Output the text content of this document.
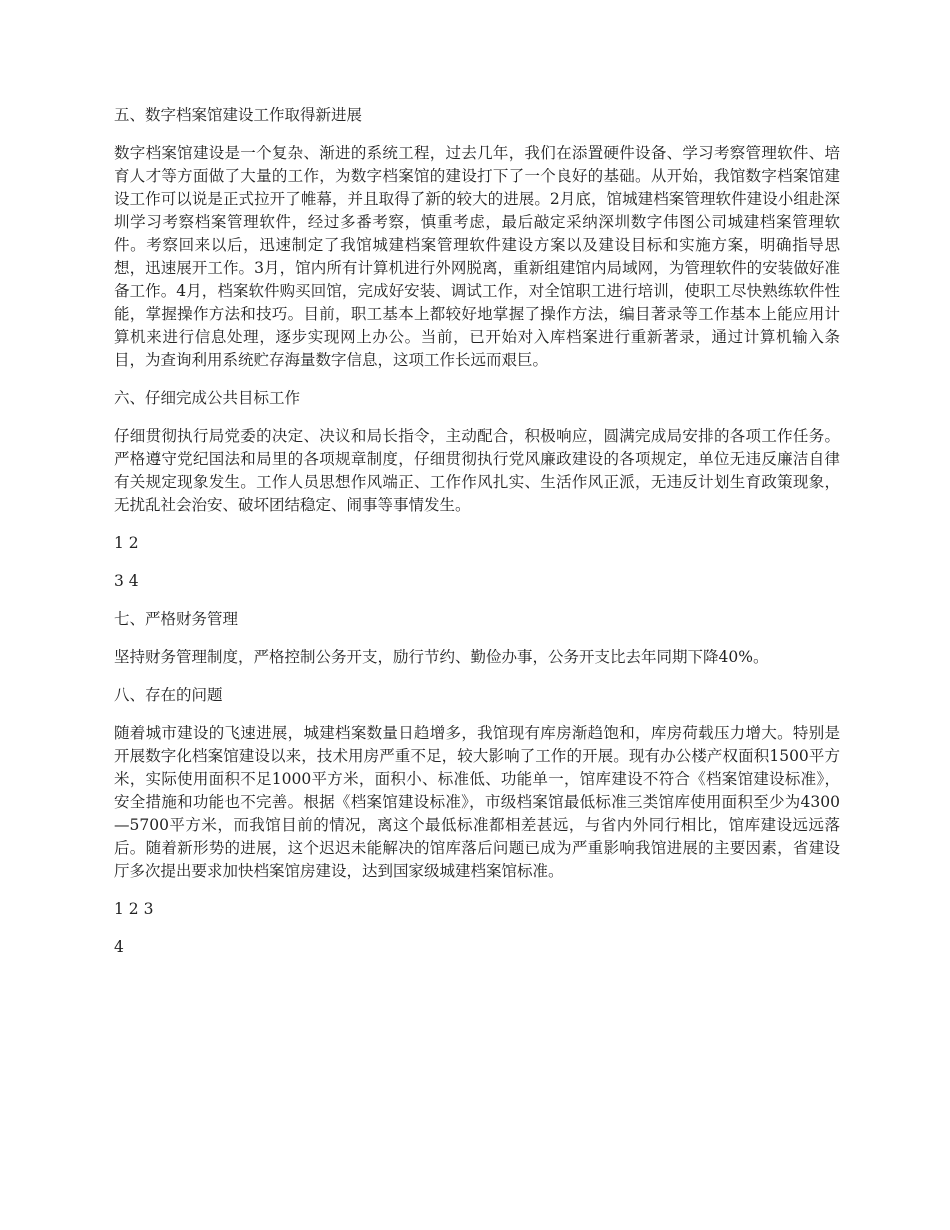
五、数字档案馆建设工作取得新进展
数字档案馆建设是一个复杂、渐进的系统工程，过去几年，我们在添置硬件设备、学习考察管理软件、培育人才等方面做了大量的工作，为数字档案馆的建设打下了一个良好的基础。从开始，我馆数字档案馆建设工作可以说是正式拉开了帷幕，并且取得了新的较大的进展。2月底，馆城建档案管理软件建设小组赴深圳学习考察档案管理软件，经过多番考察，慎重考虑，最后敲定采纳深圳数字伟图公司城建档案管理软件。考察回来以后，迅速制定了我馆城建档案管理软件建设方案以及建设目标和实施方案，明确指导思想，迅速展开工作。3月，馆内所有计算机进行外网脱离，重新组建馆内局域网，为管理软件的安装做好准备工作。4月，档案软件购买回馆，完成好安装、调试工作，对全馆职工进行培训，使职工尽快熟练软件性能，掌握操作方法和技巧。目前，职工基本上都较好地掌握了操作方法，编目著录等工作基本上能应用计算机来进行信息处理，逐步实现网上办公。当前，已开始对入库档案进行重新著录，通过计算机输入条目，为查询利用系统贮存海量数字信息，这项工作长远而艰巨。
六、仔细完成公共目标工作
仔细贯彻执行局党委的决定、决议和局长指令，主动配合，积极响应，圆满完成局安排的各项工作任务。严格遵守党纪国法和局里的各项规章制度，仔细贯彻执行党风廉政建设的各项规定，单位无违反廉洁自律有关规定现象发生。工作人员思想作风端正、工作作风扎实、生活作风正派，无违反计划生育政策现象，无扰乱社会治安、破坏团结稳定、闹事等事情发生。
1 2
3 4
七、严格财务管理
坚持财务管理制度，严格控制公务开支，励行节约、勤俭办事，公务开支比去年同期下降40%。
八、存在的问题
随着城市建设的飞速进展，城建档案数量日趋增多，我馆现有库房渐趋饱和，库房荷载压力增大。特别是开展数字化档案馆建设以来，技术用房严重不足，较大影响了工作的开展。现有办公楼产权面积1500平方米，实际使用面积不足1000平方米，面积小、标准低、功能单一，馆库建设不符合《档案馆建设标准》，安全措施和功能也不完善。根据《档案馆建设标准》，市级档案馆最低标准三类馆库使用面积至少为4300—5700平方米，而我馆目前的情况，离这个最低标准都相差甚远，与省内外同行相比，馆库建设远远落后。随着新形势的进展，这个迟迟未能解决的馆库落后问题已成为严重影响我馆进展的主要因素，省建设厅多次提出要求加快档案馆房建设，达到国家级城建档案馆标准。
1 2 3
4
